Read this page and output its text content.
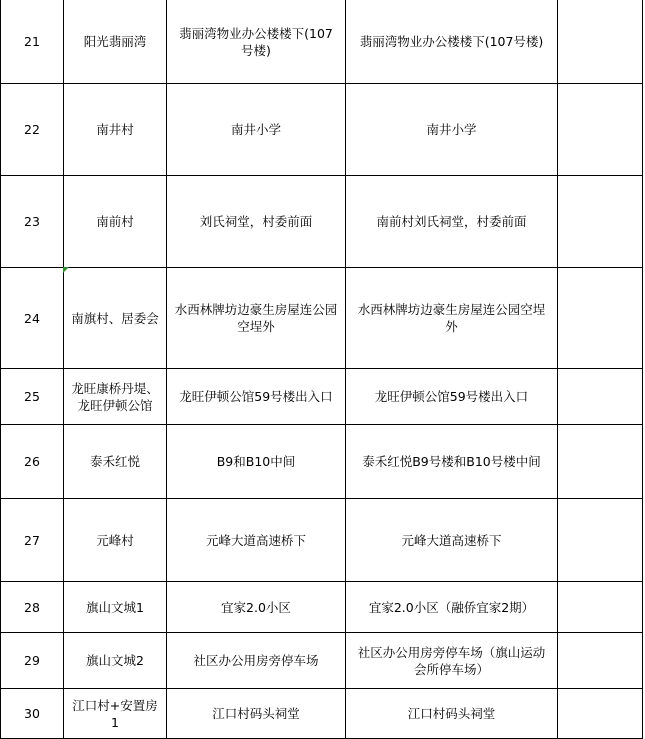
21	阳光翡丽湾	翡丽湾物业办公楼楼下(107号楼)	翡丽湾物业办公楼楼下(107号楼)	
22	南井村	南井小学	南井小学	
23	南前村	刘氏祠堂，村委前面	南前村刘氏祠堂，村委前面	
24	南旗村、居委会	水西林牌坊边豪生房屋连公园空埕外	水西林牌坊边豪生房屋连公园空埕外	
25	龙旺康桥丹堤、龙旺伊顿公馆	龙旺伊顿公馆59号楼出入口	龙旺伊顿公馆59号楼出入口	
26	泰禾红悦	B9和B10中间	泰禾红悦B9号楼和B10号楼中间	
27	元峰村	元峰大道高速桥下	元峰大道高速桥下	
28	旗山文城1	宜家2.0小区	宜家2.0小区（融侨宜家2期）	
29	旗山文城2	社区办公用房旁停车场	社区办公用房旁停车场（旗山运动会所停车场）	
30	江口村+安置房1	江口村码头祠堂	江口村码头祠堂	
